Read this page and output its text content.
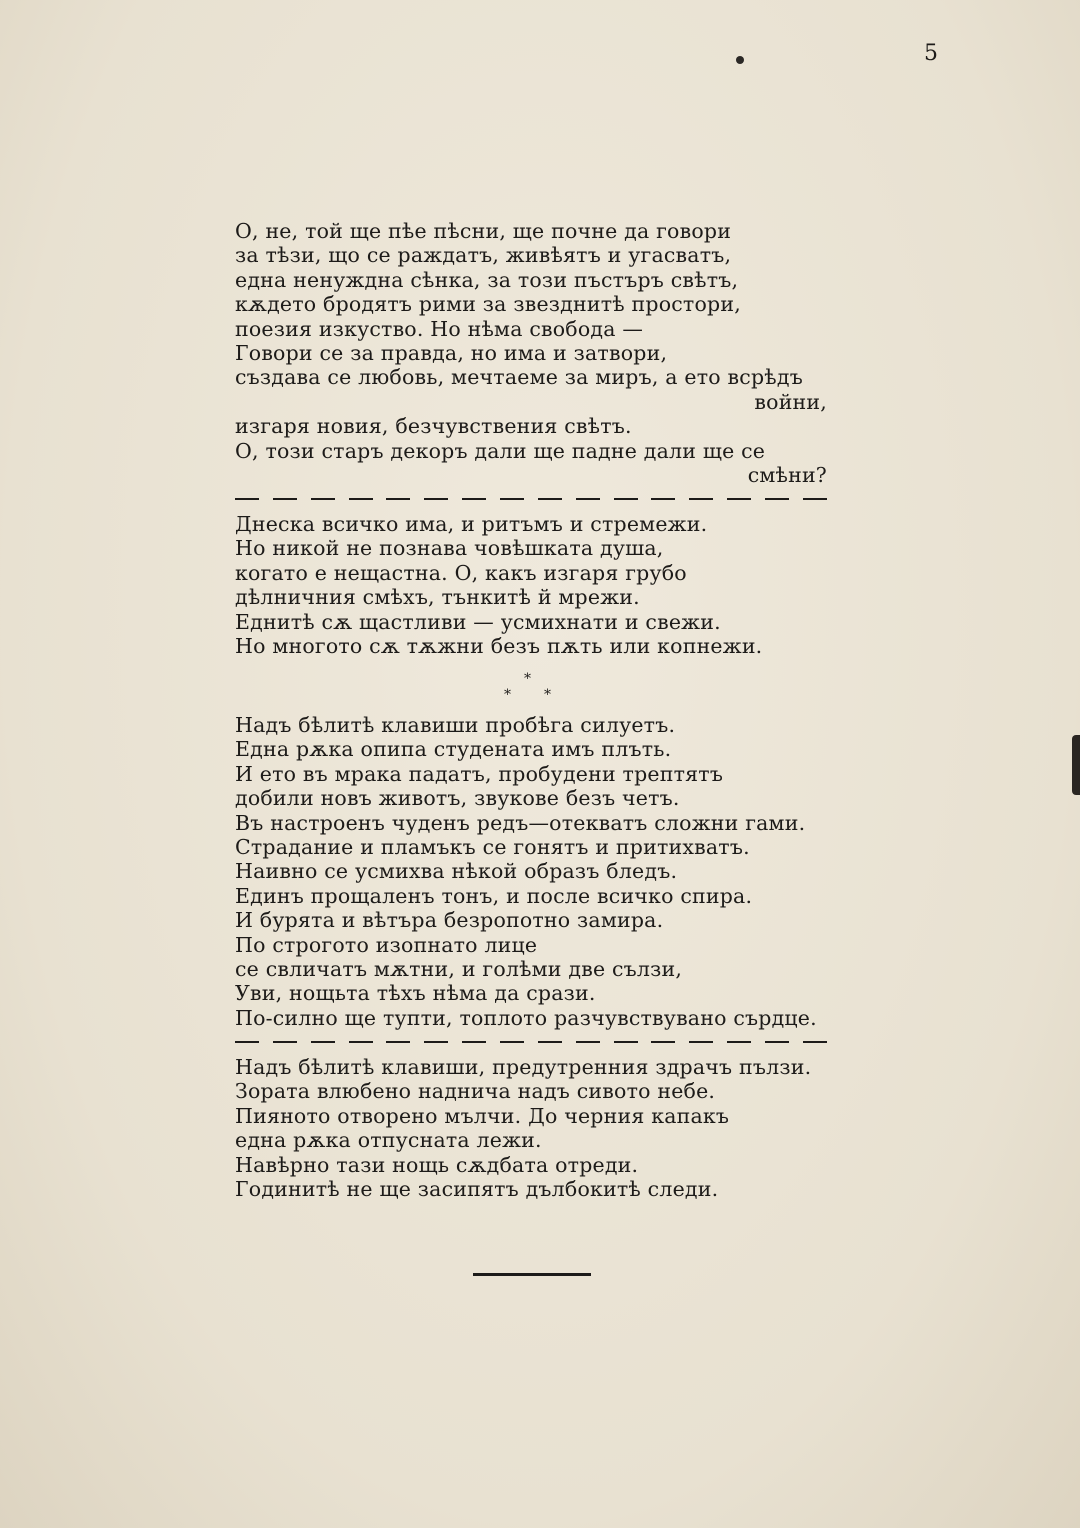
5
О, не, той ще пѣе пѣсни, ще почне да говори
за тѣзи, що се раждатъ, живѣятъ и угасватъ,
една ненуждна сѣнка, за този пъстъръ свѣтъ,
кѫдето бродятъ рими за звезднитѣ простори,
поезия изкуство. Но нѣма свобода —
Говори се за правда, но има и затвори,
създава се любовь, мечтаеме за миръ, а ето всрѣдъ
войни,
изгаря новия, безчувствения свѣтъ.
О, този старъ декоръ дали ще падне дали ще се
смѣни?
Днеска всичко има, и ритъмъ и стремежи.
Но никой не познава човѣшката душа,
когато е нещастна. О, какъ изгаря грубо
дѣлничния смѣхъ, тънкитѣ й мрежи.
Еднитѣ сѫ щастливи — усмихнати и свежи.
Но многото сѫ тѫжни безъ пѫть или копнежи.
*
* *
Надъ бѣлитѣ клавиши пробѣга силуетъ.
Една рѫка опипа студената имъ плъть.
И ето въ мрака падатъ, пробудени трептятъ
добили новъ животъ, звукове безъ четъ.
Въ настроенъ чуденъ редъ—отекватъ сложни гами.
Страдание и пламъкъ се гонятъ и притихватъ.
Наивно се усмихва нѣкой образъ бледъ.
Единъ прощаленъ тонъ, и после всичко спира.
И бурята и вѣтъра безропотно замира.
По строгото изопнато лице
се свличатъ мѫтни, и голѣми две сълзи,
Уви, нощьта тѣхъ нѣма да срази.
По-силно ще тупти, топлото разчувствувано сърдце.
Надъ бѣлитѣ клавиши, предутренния здрачъ пълзи.
Зората влюбено надничa надъ сивото небе.
Пияното отворено мълчи. До черния капакъ
една рѫка отпусната лежи.
Навѣрно тази нощь сѫдбата отреди.
Годинитѣ не ще засипятъ дълбокитѣ следи.
